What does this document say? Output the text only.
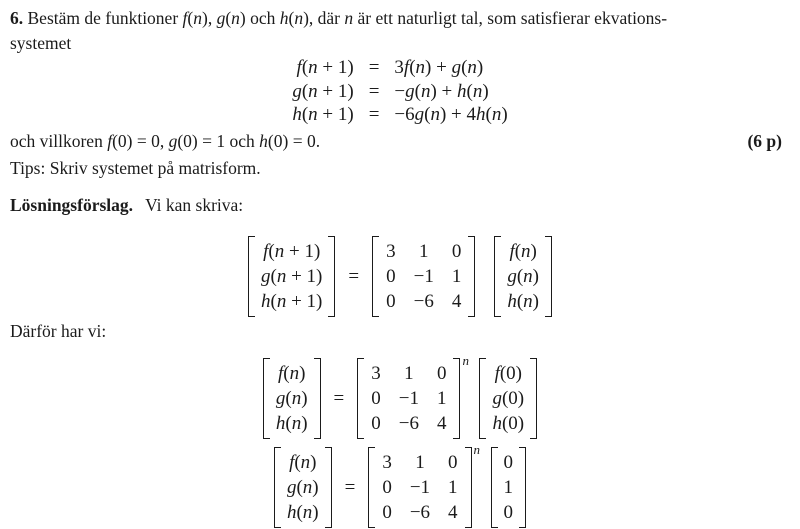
6. Bestäm de funktioner f(n), g(n) och h(n), där n är ett naturligt tal, som satisfierar ekvations-
systemet
f(n + 1) = 3f(n) + g(n)
g(n + 1) = −g(n) + h(n)
h(n + 1) = −6g(n) + 4h(n)
och villkoren f(0) = 0, g(0) = 1 och h(0) = 0.	(6 p)
Tips: Skriv systemet på matrisform.
Lösningsförslag. Vi kan skriva:
f(n + 1)
g(n + 1)
h(n + 1)
=
3 1 0
0 −1 1
0 −6 4
f(n)
g(n)
h(n)
Därför har vi:
f(n)
g(n)
h(n)
=
3 1 0
0 −1 1
0 −6 4
n
f(0)
g(0)
h(0)
f(n)
g(n)
h(n)
=
3 1 0
0 −1 1
0 −6 4
n
0
1
0
